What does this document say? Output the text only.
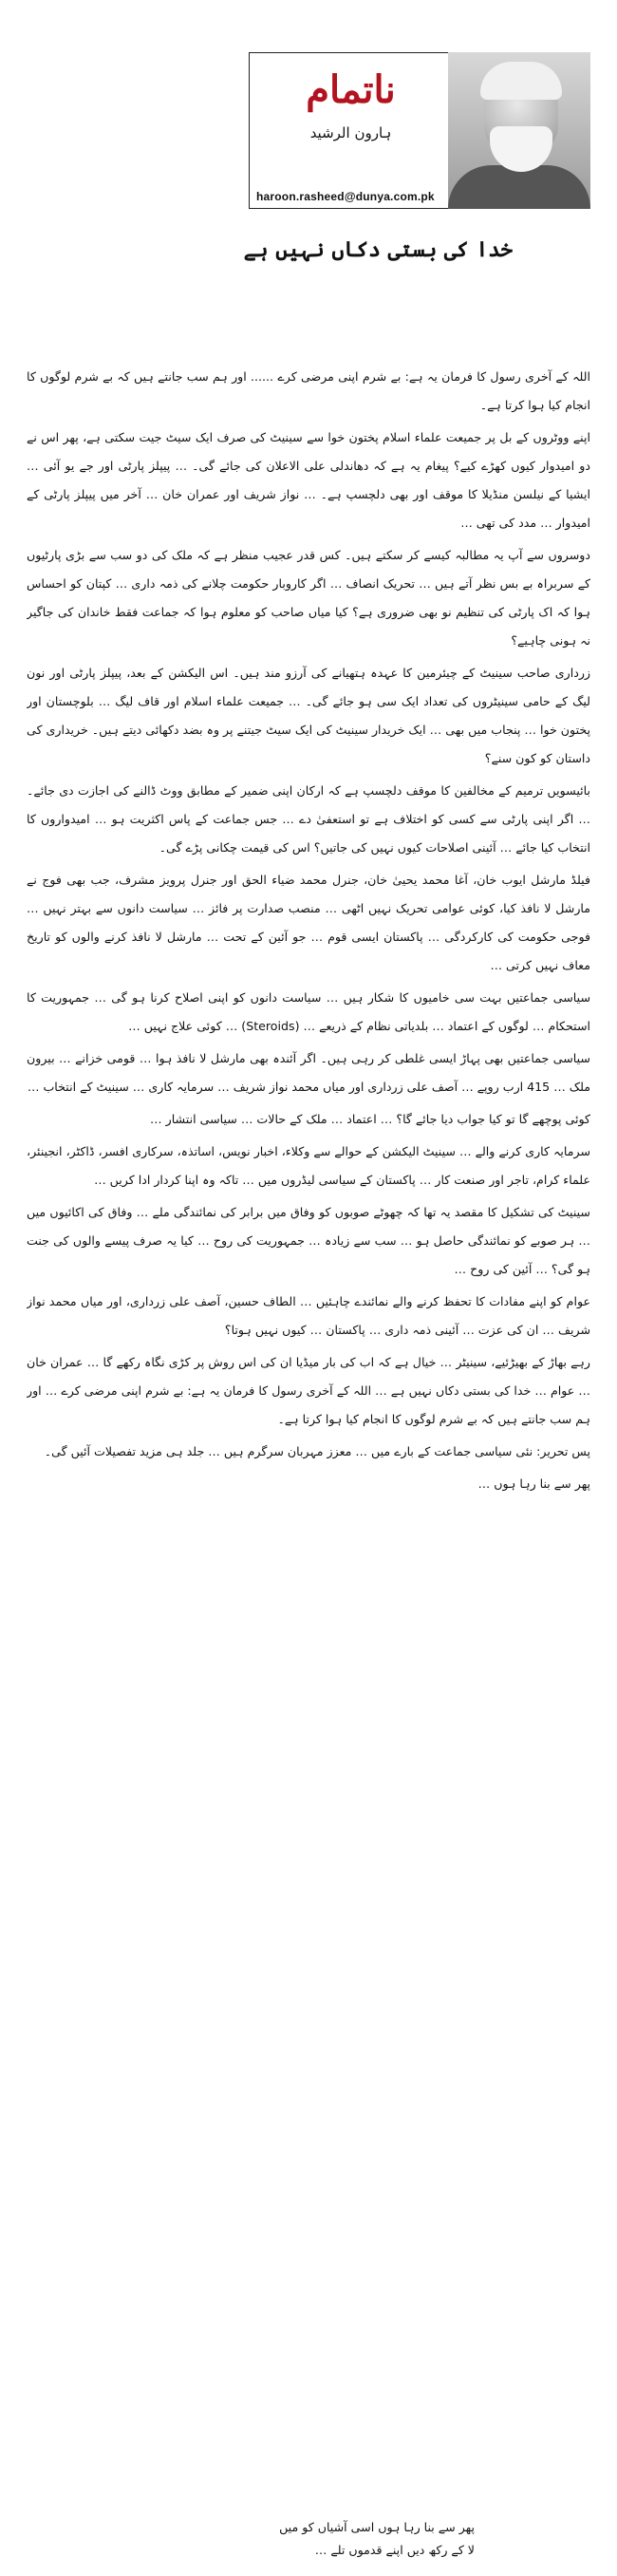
ناتمام
ہارون الرشید
haroon.rasheed@dunya.com.pk
خدا کی بستی دکاں نہیں ہے

اللہ کے آخری رسول کا فرمان یہ ہے: بے شرم اپنی مرضی کرے ...... اور ہم سب جانتے ہیں کہ بے شرم لوگوں کا انجام کیا ہوا کرتا ہے۔

اپنے ووٹروں کے بل پر جمیعت علماء اسلام پختون خوا سے سینیٹ کی صرف ایک سیٹ جیت سکتی ہے، پھر اس نے دو امیدوار کیوں کھڑے کیے؟ پیغام یہ ہے کہ دھاندلی علی الاعلان کی جائے گی۔ … پیپلز پارٹی اور جے یو آئی … ایشیا کے نیلسن منڈیلا کا موقف اور بھی دلچسپ ہے۔ … نواز شریف اور عمران خان … آخر میں پیپلز پارٹی کے امیدوار … مدد کی تھی …

دوسروں سے آپ یہ مطالبہ کیسے کر سکتے ہیں۔ کس قدر عجیب منظر ہے کہ ملک کی دو سب سے بڑی پارٹیوں کے سربراہ بے بس نظر آتے ہیں … تحریک انصاف … اگر کاروبار حکومت چلانے کی ذمہ داری … کپتان کو احساس ہوا کہ اک پارٹی کی تنظیم نو بھی ضروری ہے؟ کیا میاں صاحب کو معلوم ہوا کہ جماعت فقط خاندان کی جاگیر نہ ہونی چاہیے؟

زرداری صاحب سینیٹ کے چیئرمین کا عہدہ ہتھیانے کی آرزو مند ہیں۔ اس الیکشن کے بعد، پیپلز پارٹی اور نون لیگ کے حامی سینیٹروں کی تعداد ایک سی ہو جائے گی۔ … جمیعت علماء اسلام اور قاف لیگ … بلوچستان اور پختون خوا … پنجاب میں بھی … ایک خریدار سینیٹ کی ایک سیٹ جیتنے پر وہ بضد دکھائی دیتے ہیں۔ خریداری کی داستان کو کون سنے؟

بائیسویں ترمیم کے مخالفین کا موقف دلچسپ ہے کہ ارکان اپنی ضمیر کے مطابق ووٹ ڈالنے کی اجازت دی جائے۔ … اگر اپنی پارٹی سے کسی کو اختلاف ہے تو استعفیٰ دے … جس جماعت کے پاس اکثریت ہو … امیدواروں کا انتخاب کیا جائے … آئینی اصلاحات کیوں نہیں کی جاتیں؟ اس کی قیمت چکانی پڑے گی۔

فیلڈ مارشل ایوب خان، آغا محمد یحییٰ خان، جنرل محمد ضیاء الحق اور جنرل پرویز مشرف، جب بھی فوج نے مارشل لا نافذ کیا، کوئی عوامی تحریک نہیں اٹھی … منصب صدارت پر فائز … سیاست دانوں سے بہتر نہیں … فوجی حکومت کی کارکردگی … پاکستان ایسی قوم … جو آئین کے تحت … مارشل لا نافذ کرنے والوں کو تاریخ معاف نہیں کرتی …

سیاسی جماعتیں بہت سی خامیوں کا شکار ہیں … سیاست دانوں کو اپنی اصلاح کرنا ہو گی … جمہوریت کا استحکام … لوگوں کے اعتماد … بلدیاتی نظام کے ذریعے … (Steroids) … کوئی علاج نہیں …

سیاسی جماعتیں بھی پہاڑ ایسی غلطی کر رہی ہیں۔ اگر آئندہ بھی مارشل لا نافذ ہوا … قومی خزانے … بیرون ملک … 415 ارب روپے … آصف علی زرداری اور میاں محمد نواز شریف … سرمایہ کاری … سینیٹ کے انتخاب …

کوئی پوچھے گا تو کیا جواب دیا جائے گا؟ … اعتماد … ملک کے حالات … سیاسی انتشار …

سرمایہ کاری کرنے والے … سینیٹ الیکشن کے حوالے سے وکلاء، اخبار نویس، اساتذہ، سرکاری افسر، ڈاکٹر، انجینئر، علماء کرام، تاجر اور صنعت کار … پاکستان کے سیاسی لیڈروں میں … تاکہ وہ اپنا کردار ادا کریں …

سینیٹ کی تشکیل کا مقصد یہ تھا کہ چھوٹے صوبوں کو وفاق میں برابر کی نمائندگی ملے … وفاق کی اکائیوں میں … ہر صوبے کو نمائندگی حاصل ہو … سب سے زیادہ … جمہوریت کی روح … کیا یہ صرف پیسے والوں کی جنت ہو گی؟ … آئین کی روح …

عوام کو اپنے مفادات کا تحفظ کرنے والے نمائندے چاہئیں … الطاف حسین، آصف علی زرداری، اور میاں محمد نواز شریف … ان کی عزت … آئینی ذمہ داری … پاکستان … کیوں نہیں ہوتا؟

رہے بھاڑ کے بھیڑئیے، سینیٹر … خیال ہے کہ اب کی بار میڈیا ان کی اس روش پر کڑی نگاہ رکھے گا … عمران خان … عوام … خدا کی بستی دکاں نہیں ہے … اللہ کے آخری رسول کا فرمان یہ ہے: بے شرم اپنی مرضی کرے … اور ہم سب جانتے ہیں کہ بے شرم لوگوں کا انجام کیا ہوا کرتا ہے۔

پس تحریر: نئی سیاسی جماعت کے بارے میں … معزز مہربان سرگرم ہیں … جلد ہی مزید تفصیلات آئیں گی۔

پھر سے بنا رہا ہوں …

پھر سے بنا رہا ہوں اسی آشیاں کو میں
لا کے رکھ دیں اپنے قدموں تلے …
